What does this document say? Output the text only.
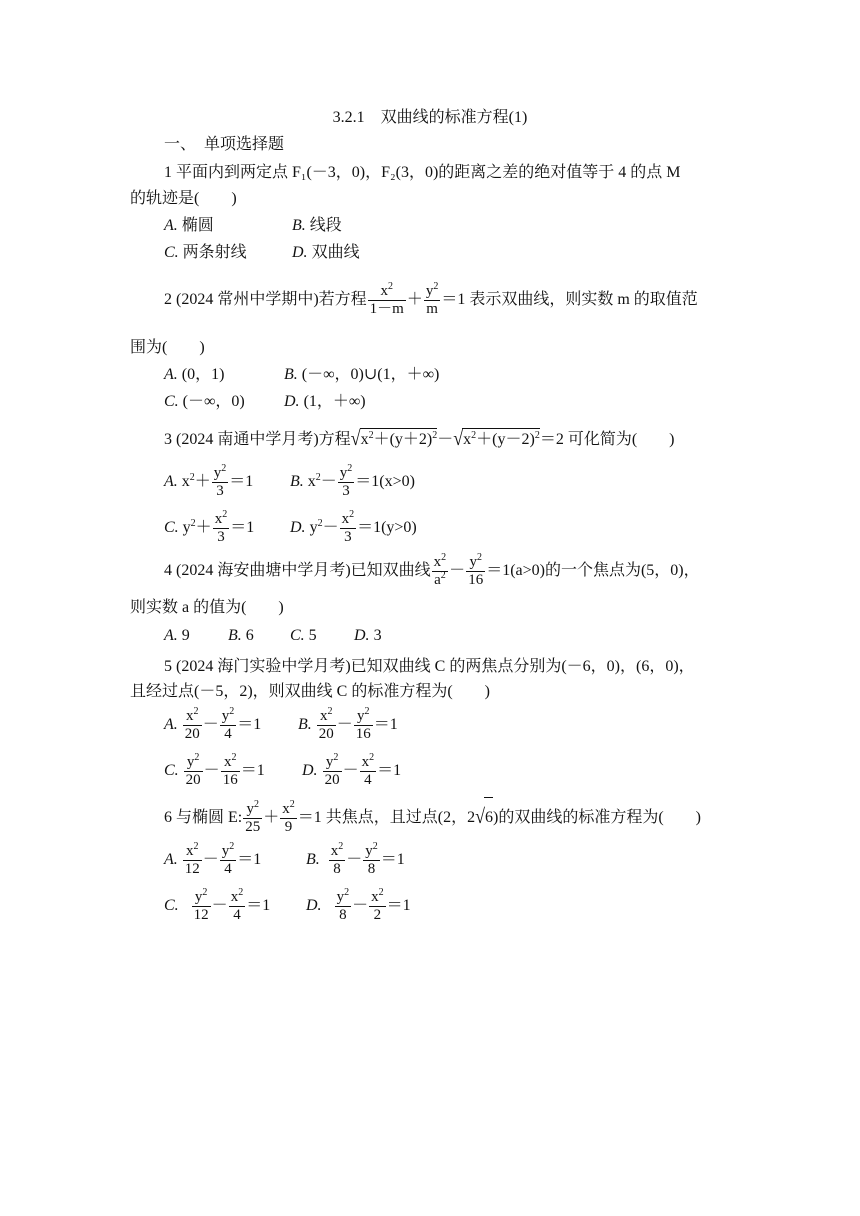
3.2.1　双曲线的标准方程(1)
一、　单项选择题
1 平面内到两定点 F₁(－3，0)，F₂(3，0)的距离之差的绝对值等于 4 的点 M
的轨迹是(　　)
A. 椭圆	B. 线段
C. 两条射线	D. 双曲线
2 (2024 常州中学期中)若方程 $\frac{x^2}{1-m} + \frac{y^2}{m} =1$ 表示双曲线，则实数 m 的取值范
围为(　　)
A. (0，1)	B. (－∞，0)∪(1，＋∞)
C. (－∞，0) D. (1，＋∞)
3 (2024 南通中学月考)方程$√x^2+(y+2)^2-√x^2+(y-2)^2=2$ 可化简为(　　)
A. $x^2+ \frac{y^2}{3} =1$ B. $x^2- \frac{y^2}{3} =1(x>0)$
C. $y^2+ \frac{x^2}{3} =1$ D. $y^2- \frac{x^2}{3} =1(y>0)$
4 (2024 海安曲塘中学月考)已知双曲线 $\frac{x^2}{a^2} - \frac{y^2}{16} =1(a>0)$的一个焦点为(5，0)，
则实数 a 的值为(　　)
A. 9 B. 6 C. 5 D. 3
5 (2024 海门实验中学月考)已知双曲线 C 的两焦点分别为(－6，0)，(6，0)，
且经过点(－5，2)，则双曲线 C 的标准方程为(　　)
A. $\frac{x^2}{20} - \frac{y^2}{4} =1$ B. $\frac{x^2}{20} - \frac{y^2}{16} =1$
C. $\frac{y^2}{20} - \frac{x^2}{16} =1$ D. $\frac{y^2}{20} - \frac{x^2}{4} =1$
6 与椭圆 E: $\frac{y^2}{25} + \frac{x^2}{9} =1$ 共焦点，且过点(2，2√6)的双曲线的标准方程为(　　)
A. $\frac{x^2}{12} - \frac{y^2}{4} =1$	B. $\frac{x^2}{8} - \frac{y^2}{8} =1$
C. $\frac{y^2}{12} - \frac{x^2}{4} =1$ D. $\frac{y^2}{8} - \frac{x^2}{2} =1$
